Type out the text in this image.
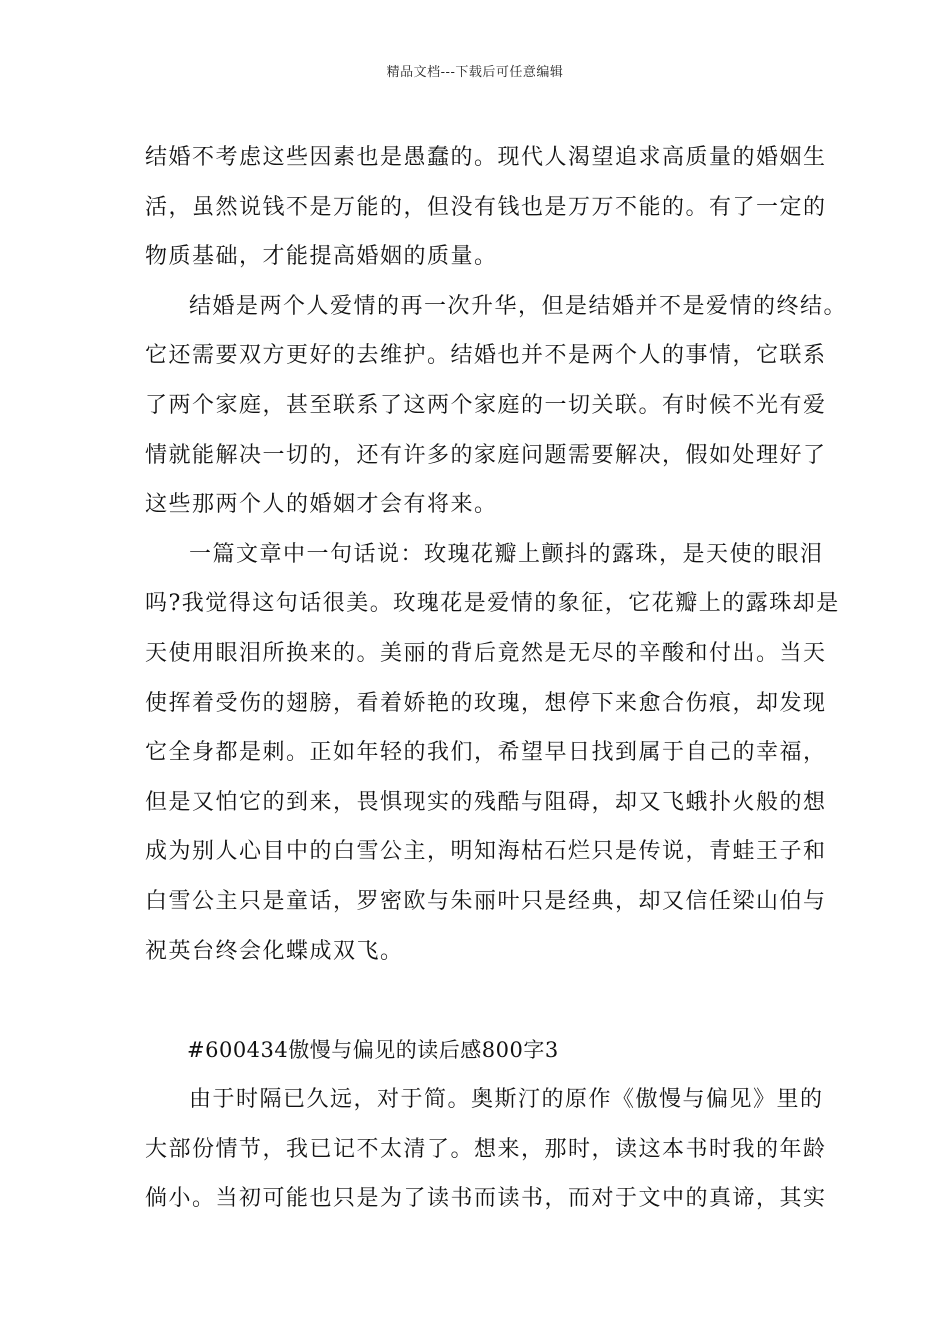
精品文档---下载后可任意编辑

结婚不考虑这些因素也是愚蠢的。现代人渴望追求高质量的婚姻生
活，虽然说钱不是万能的，但没有钱也是万万不能的。有了一定的
物质基础，才能提高婚姻的质量。

结婚是两个人爱情的再一次升华，但是结婚并不是爱情的终结。
它还需要双方更好的去维护。结婚也并不是两个人的事情，它联系
了两个家庭，甚至联系了这两个家庭的一切关联。有时候不光有爱
情就能解决一切的，还有许多的家庭问题需要解决，假如处理好了
这些那两个人的婚姻才会有将来。

一篇文章中一句话说：玫瑰花瓣上颤抖的露珠，是天使的眼泪
吗?我觉得这句话很美。玫瑰花是爱情的象征，它花瓣上的露珠却是
天使用眼泪所换来的。美丽的背后竟然是无尽的辛酸和付出。当天
使挥着受伤的翅膀，看着娇艳的玫瑰，想停下来愈合伤痕，却发现
它全身都是刺。正如年轻的我们，希望早日找到属于自己的幸福，
但是又怕它的到来，畏惧现实的残酷与阻碍，却又飞蛾扑火般的想
成为别人心目中的白雪公主，明知海枯石烂只是传说，青蛙王子和
白雪公主只是童话，罗密欧与朱丽叶只是经典，却又信任梁山伯与
祝英台终会化蝶成双飞。

#600434傲慢与偏见的读后感800字3

由于时隔已久远，对于简。奥斯汀的原作《傲慢与偏见》里的
大部份情节，我已记不太清了。想来，那时，读这本书时我的年龄
倘小。当初可能也只是为了读书而读书，而对于文中的真谛，其实
